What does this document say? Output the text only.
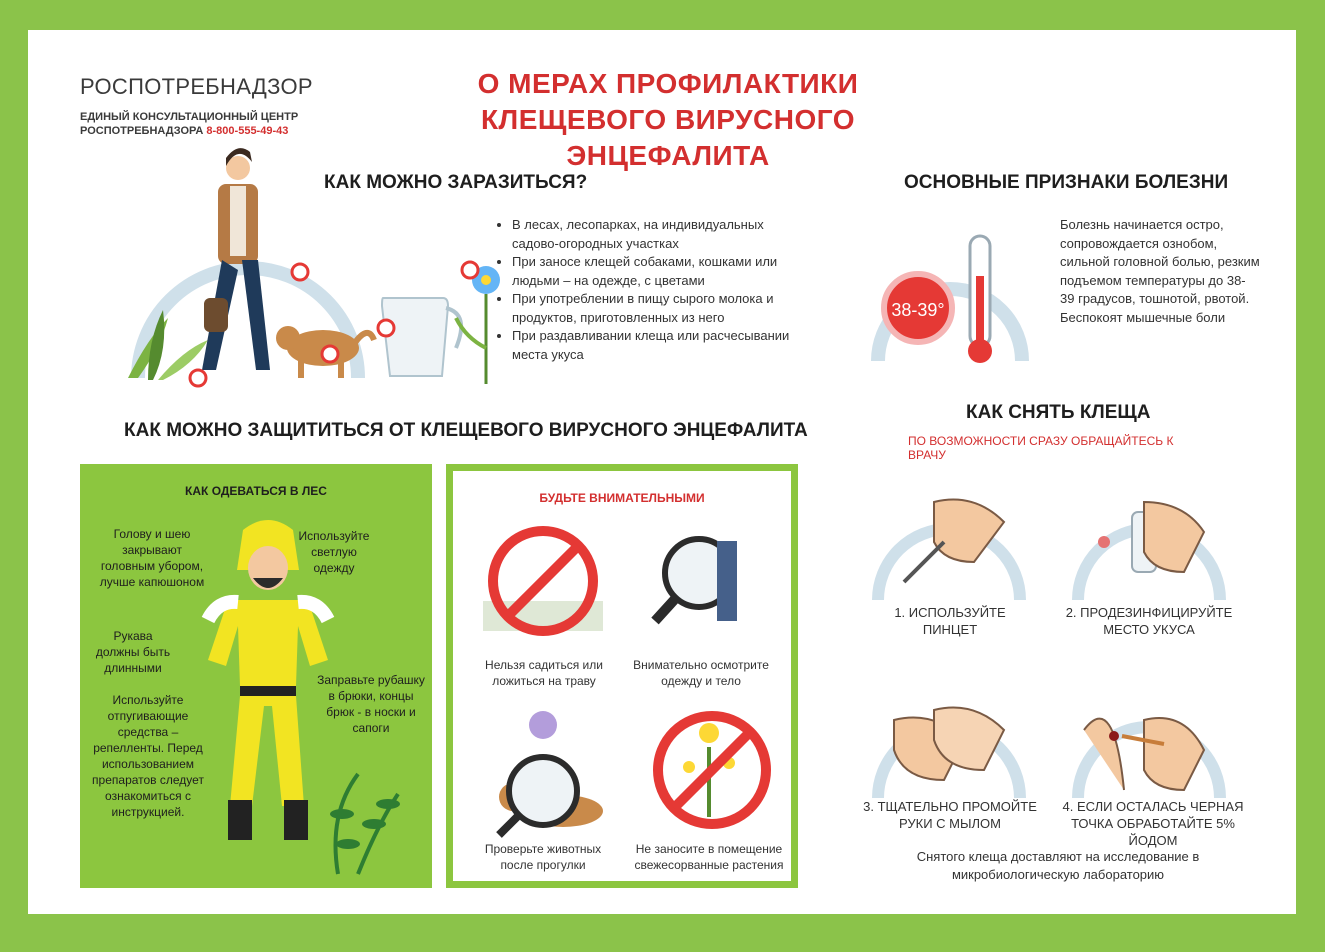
РОСПОТРЕБНАДЗОР
ЕДИНЫЙ КОНСУЛЬТАЦИОННЫЙ ЦЕНТР
РОСПОТРЕБНАДЗОРА 8-800-555-49-43
О МЕРАХ ПРОФИЛАКТИКИ
КЛЕЩЕВОГО ВИРУСНОГО ЭНЦЕФАЛИТА
КАК МОЖНО ЗАРАЗИТЬСЯ?
• В лесах, лесопарках, на индивидуальных садово-огородных участках
• При заносе клещей собаками, кошками или людьми – на одежде, с цветами
• При употреблении в пищу сырого молока и продуктов, приготовленных из него
• При раздавливании клеща или расчесывании места укуса
ОСНОВНЫЕ ПРИЗНАКИ БОЛЕЗНИ
38-39°
Болезнь начинается остро, сопровождается ознобом, сильной головной болью, резким подъемом температуры до 38-39 градусов, тошнотой, рвотой. Беспокоят мышечные боли
КАК МОЖНО ЗАЩИТИТЬСЯ ОТ КЛЕЩЕВОГО ВИРУСНОГО ЭНЦЕФАЛИТА
КАК ОДЕВАТЬСЯ В ЛЕС
Голову и шею закрывают головным убором, лучше капюшоном
Используйте светлую одежду
Рукава должны быть длинными
Заправьте рубашку в брюки, концы брюк - в носки и сапоги
Используйте отпугивающие средства – репелленты. Перед использованием препаратов следует ознакомиться с инструкцией.
БУДЬТЕ ВНИМАТЕЛЬНЫМИ
Нельзя садиться или ложиться на траву
Внимательно осмотрите одежду и тело
Проверьте животных после прогулки
Не заносите в помещение свежесорванные растения
КАК СНЯТЬ КЛЕЩА
ПО ВОЗМОЖНОСТИ СРАЗУ ОБРАЩАЙТЕСЬ К ВРАЧУ
1. ИСПОЛЬЗУЙТЕ ПИНЦЕТ
2. ПРОДЕЗИНФИЦИРУЙТЕ МЕСТО УКУСА
3. ТЩАТЕЛЬНО ПРОМОЙТЕ РУКИ С МЫЛОМ
4. ЕСЛИ ОСТАЛАСЬ ЧЕРНАЯ ТОЧКА ОБРАБОТАЙТЕ 5% ЙОДОМ
Снятого клеща доставляют на исследование в микробиологическую лабораторию
